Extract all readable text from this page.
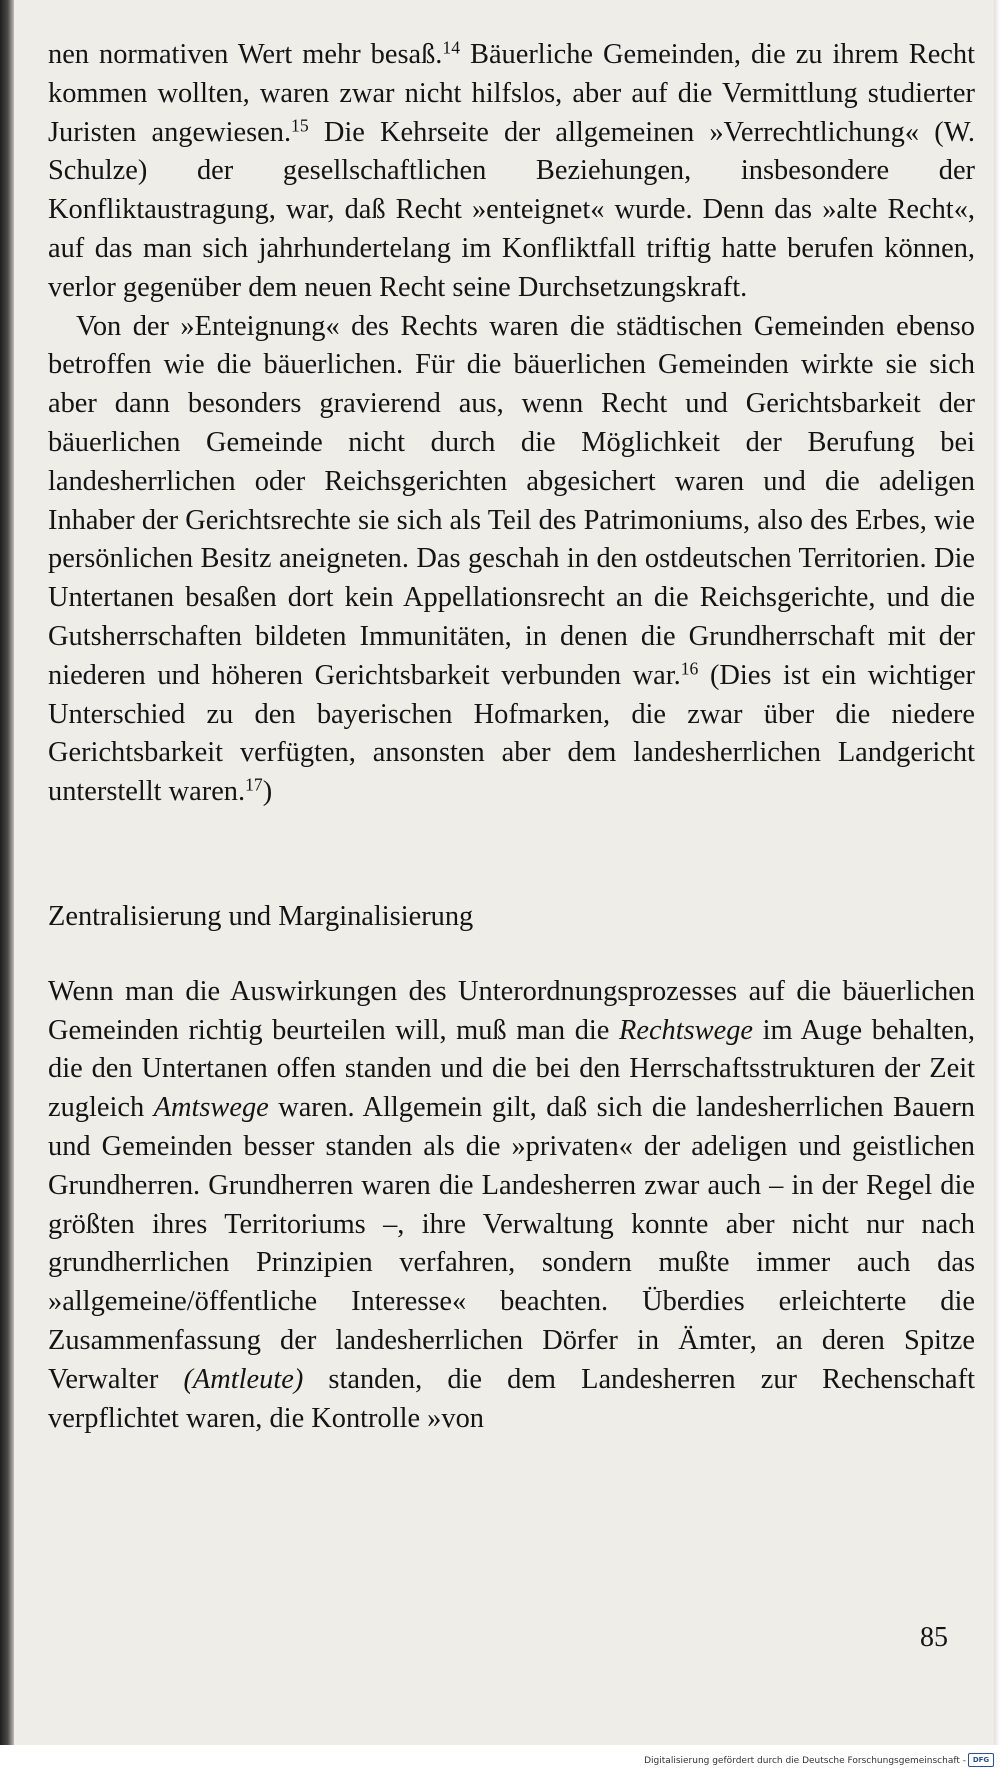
nen normativen Wert mehr besaß.$^{14}$ Bäuerliche Gemeinden, die zu ihrem Recht kommen wollten, waren zwar nicht hilfslos, aber auf die Vermittlung studierter Juristen angewiesen.$^{15}$ Die Kehrseite der allgemeinen »Verrechtlichung« (W. Schulze) der gesellschaftlichen Beziehungen, insbesondere der Konfliktaustragung, war, daß Recht »enteignet« wurde. Denn das »alte Recht«, auf das man sich jahrhundertelang im Konfliktfall triftig hatte berufen können, verlor gegenüber dem neuen Recht seine Durchsetzungskraft.

Von der »Enteignung« des Rechts waren die städtischen Gemeinden ebenso betroffen wie die bäuerlichen. Für die bäuerlichen Gemeinden wirkte sie sich aber dann besonders gravierend aus, wenn Recht und Gerichtsbarkeit der bäuerlichen Gemeinde nicht durch die Möglichkeit der Berufung bei landesherrlichen oder Reichsgerichten abgesichert waren und die adeligen Inhaber der Gerichtsrechte sie sich als Teil des Patrimoniums, also des Erbes, wie persönlichen Besitz aneigneten. Das geschah in den ostdeutschen Territorien. Die Untertanen besaßen dort kein Appellationsrecht an die Reichsgerichte, und die Gutsherrschaften bildeten Immunitäten, in denen die Grundherrschaft mit der niederen und höheren Gerichtsbarkeit verbunden war.$^{16}$ (Dies ist ein wichtiger Unterschied zu den bayerischen Hofmarken, die zwar über die niedere Gerichtsbarkeit verfügten, ansonsten aber dem landesherrlichen Landgericht unterstellt waren.$^{17}$)

Zentralisierung und Marginalisierung

Wenn man die Auswirkungen des Unterordnungsprozesses auf die bäuerlichen Gemeinden richtig beurteilen will, muß man die Rechtswege im Auge behalten, die den Untertanen offen standen und die bei den Herrschaftsstrukturen der Zeit zugleich Amtswege waren. Allgemein gilt, daß sich die landesherrlichen Bauern und Gemeinden besser standen als die »privaten« der adeligen und geistlichen Grundherren. Grundherren waren die Landesherren zwar auch – in der Regel die größten ihres Territoriums –, ihre Verwaltung konnte aber nicht nur nach grundherrlichen Prinzipien verfahren, sondern mußte immer auch das »allgemeine/öffentliche Interesse« beachten. Überdies erleichterte die Zusammenfassung der landesherrlichen Dörfer in Ämter, an deren Spitze Verwalter (Amtleute) standen, die dem Landesherren zur Rechenschaft verpflichtet waren, die Kontrolle »von

85
Digitalisierung gefördert durch die Deutsche Forschungsgemeinschaft - DFG
